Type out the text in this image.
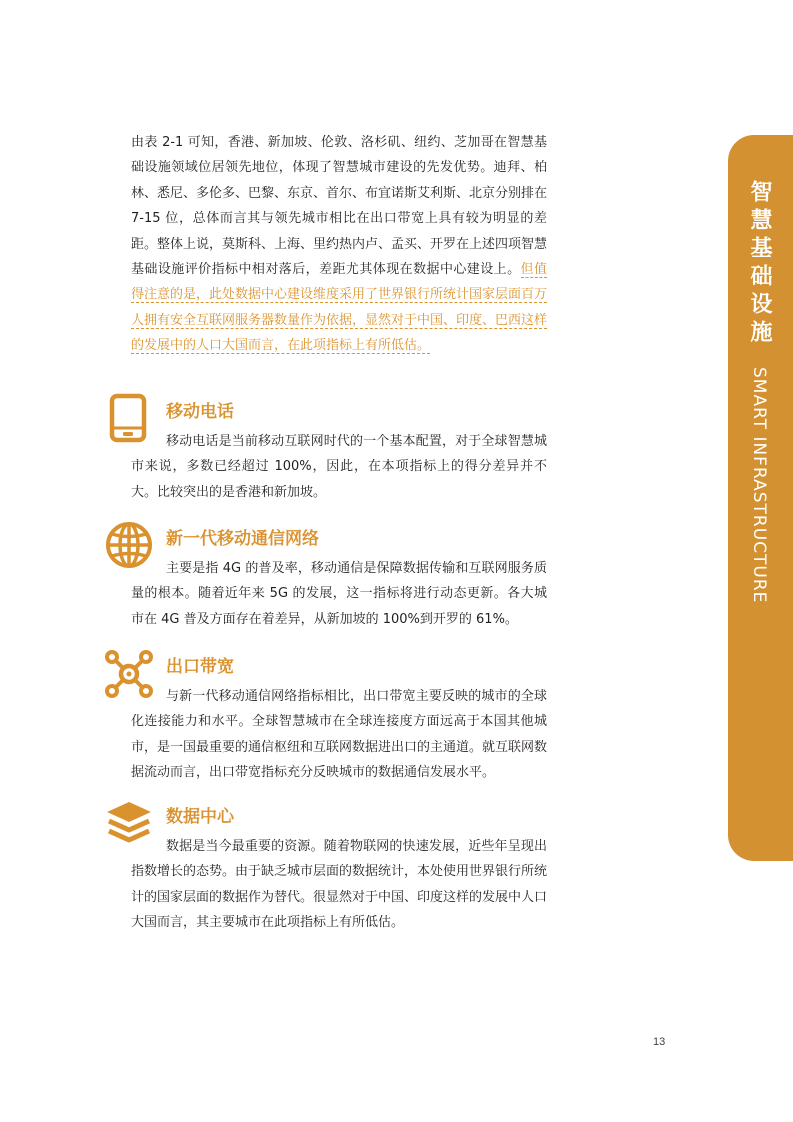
由表 2-1 可知，香港、新加坡、伦敦、洛杉矶、纽约、芝加哥在智慧基础设施领域位居领先地位，体现了智慧城市建设的先发优势。迪拜、柏林、悉尼、多伦多、巴黎、东京、首尔、布宜诺斯艾利斯、北京分别排在 7-15 位，总体而言其与领先城市相比在出口带宽上具有较为明显的差距。整体上说，莫斯科、上海、里约热内卢、孟买、开罗在上述四项智慧基础设施评价指标中相对落后，差距尤其体现在数据中心建设上。但值得注意的是，此处数据中心建设维度采用了世界银行所统计国家层面百万人拥有安全互联网服务器数量作为依据，显然对于中国、印度、巴西这样的发展中的人口大国而言，在此项指标上有所低估。
移动电话

移动电话是当前移动互联网时代的一个基本配置，对于全球智慧城市来说，多数已经超过 100%，因此，在本项指标上的得分差异并不大。比较突出的是香港和新加坡。

新一代移动通信网络

主要是指 4G 的普及率，移动通信是保障数据传输和互联网服务质量的根本。随着近年来 5G 的发展，这一指标将进行动态更新。各大城市在 4G 普及方面存在着差异，从新加坡的 100%到开罗的 61%。

出口带宽

与新一代移动通信网络指标相比，出口带宽主要反映的城市的全球化连接能力和水平。全球智慧城市在全球连接度方面远高于本国其他城市，是一国最重要的通信枢纽和互联网数据进出口的主通道。就互联网数据流动而言，出口带宽指标充分反映城市的数据通信发展水平。

数据中心

数据是当今最重要的资源。随着物联网的快速发展，近些年呈现出指数增长的态势。由于缺乏城市层面的数据统计，本处使用世界银行所统计的国家层面的数据作为替代。很显然对于中国、印度这样的发展中人口大国而言，其主要城市在此项指标上有所低估。

智慧基础设施 SMART INFRASTRUCTURE
13
